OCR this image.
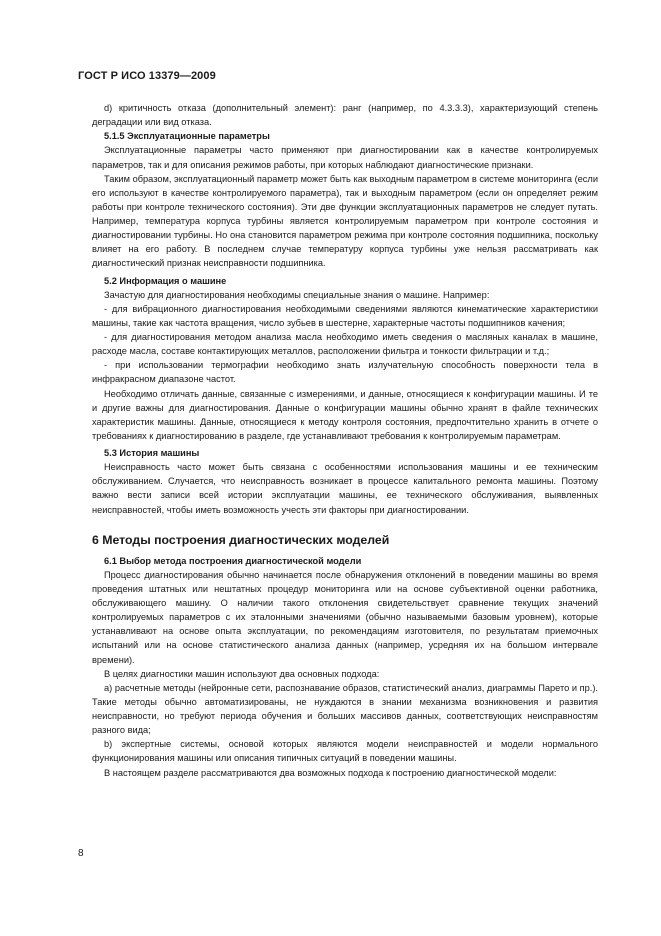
ГОСТ Р ИСО 13379—2009

d) критичность отказа (дополнительный элемент): ранг (например, по 4.3.3.3), характеризующий степень деградации или вид отказа.

5.1.5 Эксплуатационные параметры

Эксплуатационные параметры часто применяют при диагностировании как в качестве контролируемых параметров, так и для описания режимов работы, при которых наблюдают диагностические признаки.

Таким образом, эксплуатационный параметр может быть как выходным параметром в системе мониторинга (если его используют в качестве контролируемого параметра), так и выходным параметром (если он определяет режим работы при контроле технического состояния). Эти две функции эксплуатационных параметров не следует путать. Например, температура корпуса турбины является контролируемым параметром при контроле состояния и диагностировании турбины. Но она становится параметром режима при контроле состояния подшипника, поскольку влияет на его работу. В последнем случае температуру корпуса турбины уже нельзя рассматривать как диагностический признак неисправности подшипника.

5.2 Информация о машине

Зачастую для диагностирования необходимы специальные знания о машине. Например:

- для вибрационного диагностирования необходимыми сведениями являются кинематические характеристики машины, такие как частота вращения, число зубьев в шестерне, характерные частоты подшипников качения;

- для диагностирования методом анализа масла необходимо иметь сведения о масляных каналах в машине, расходе масла, составе контактирующих металлов, расположении фильтра и тонкости фильтрации и т.д.;

- при использовании термографии необходимо знать излучательную способность поверхности тела в инфракрасном диапазоне частот.

Необходимо отличать данные, связанные с измерениями, и данные, относящиеся к конфигурации машины. И те и другие важны для диагностирования. Данные о конфигурации машины обычно хранят в файле технических характеристик машины. Данные, относящиеся к методу контроля состояния, предпочтительно хранить в отчете о требованиях к диагностированию в разделе, где устанавливают требования к контролируемым параметрам.

5.3 История машины

Неисправность часто может быть связана с особенностями использования машины и ее техническим обслуживанием. Случается, что неисправность возникает в процессе капитального ремонта машины. Поэтому важно вести записи всей истории эксплуатации машины, ее технического обслуживания, выявленных неисправностей, чтобы иметь возможность учесть эти факторы при диагностировании.

6 Методы построения диагностических моделей
6.1 Выбор метода построения диагностической модели

Процесс диагностирования обычно начинается после обнаружения отклонений в поведении машины во время проведения штатных или нештатных процедур мониторинга или на основе субъективной оценки работника, обслуживающего машину. О наличии такого отклонения свидетельствует сравнение текущих значений контролируемых параметров с их эталонными значениями (обычно называемыми базовым уровнем), которые устанавливают на основе опыта эксплуатации, по рекомендациям изготовителя, по результатам приемочных испытаний или на основе статистического анализа данных (например, усредняя их на большом интервале времени).

В целях диагностики машин используют два основных подхода:

а) расчетные методы (нейронные сети, распознавание образов, статистический анализ, диаграммы Парето и пр.). Такие методы обычно автоматизированы, не нуждаются в знании механизма возникновения и развития неисправности, но требуют периода обучения и больших массивов данных, соответствующих неисправностям разного вида;

b) экспертные системы, основой которых являются модели неисправностей и модели нормального функционирования машины или описания типичных ситуаций в поведении машины.

В настоящем разделе рассматриваются два возможных подхода к построению диагностической модели:

8
